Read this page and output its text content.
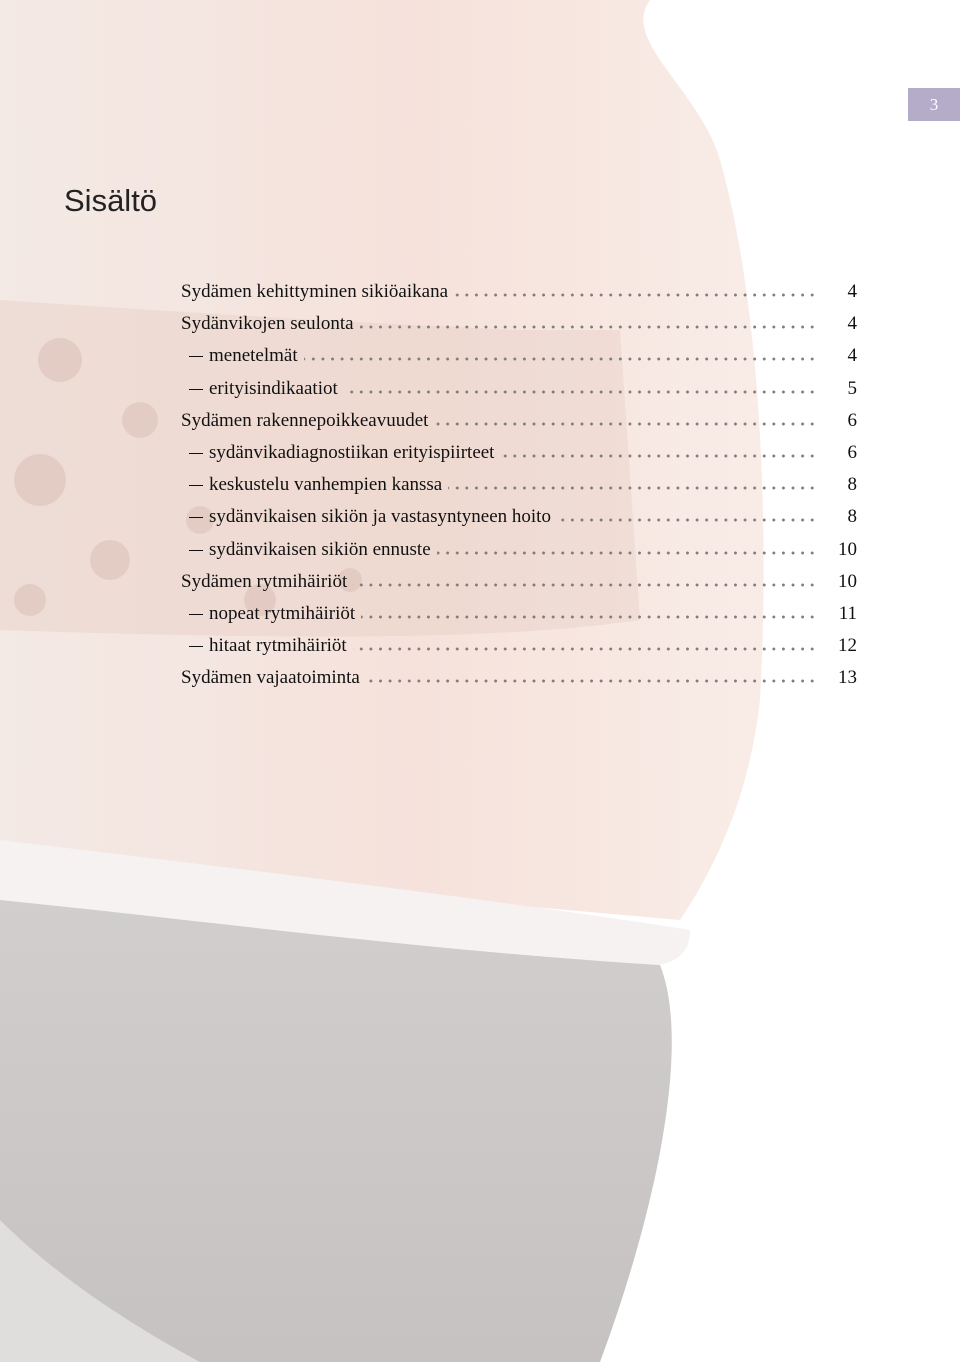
3
Sisältö
Sydämen kehittyminen sikiöaikana	4
Sydänvikojen seulonta	4
menetelmät	4
erityisindikaatiot	5
Sydämen rakennepoikkeavuudet	6
sydänvikadiagnostiikan erityispiirteet	6
keskustelu vanhempien kanssa	8
sydänvikaisen sikiön ja vastasyntyneen hoito	8
sydänvikaisen sikiön ennuste	10
Sydämen rytmihäiriöt	10
nopeat rytmihäiriöt	11
hitaat rytmihäiriöt	12
Sydämen vajaatoiminta	13
